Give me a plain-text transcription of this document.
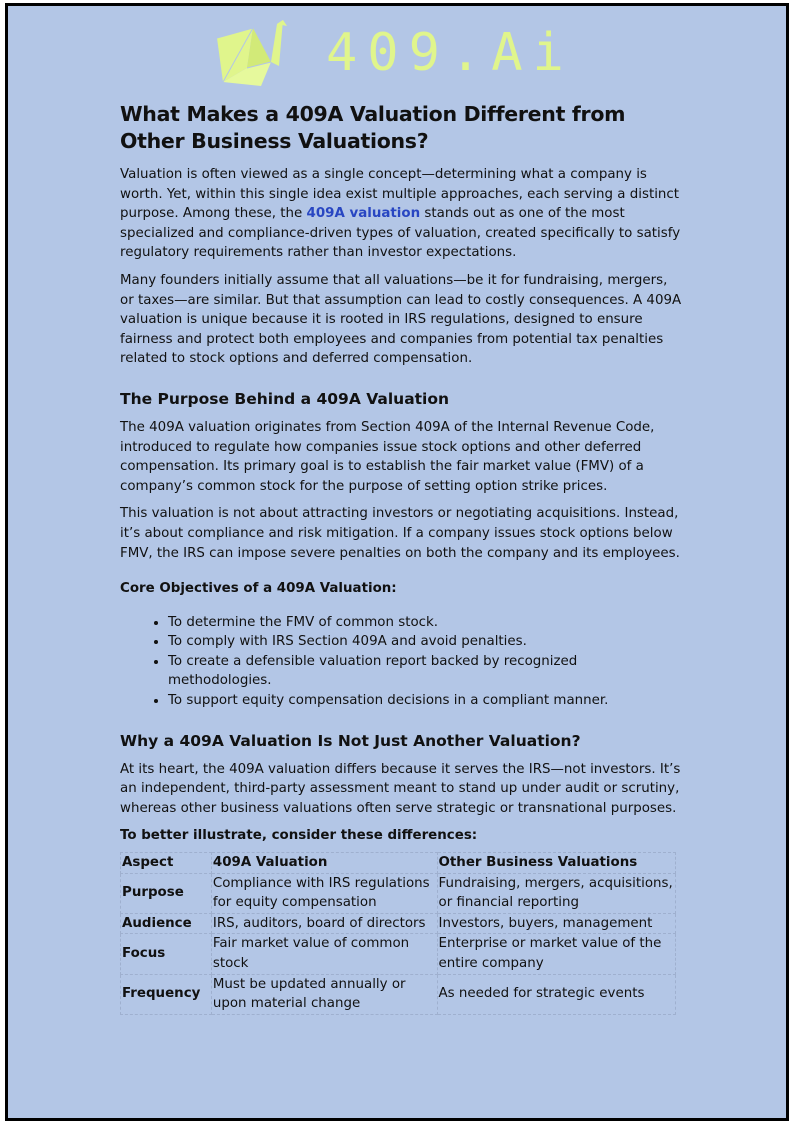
409.Ai
What Makes a 409A Valuation Different from Other Business Valuations?

Valuation is often viewed as a single concept—determining what a company is worth. Yet, within this single idea exist multiple approaches, each serving a distinct purpose. Among these, the 409A valuation stands out as one of the most specialized and compliance-driven types of valuation, created specifically to satisfy regulatory requirements rather than investor expectations.

Many founders initially assume that all valuations—be it for fundraising, mergers, or taxes—are similar. But that assumption can lead to costly consequences. A 409A valuation is unique because it is rooted in IRS regulations, designed to ensure fairness and protect both employees and companies from potential tax penalties related to stock options and deferred compensation.

The Purpose Behind a 409A Valuation

The 409A valuation originates from Section 409A of the Internal Revenue Code, introduced to regulate how companies issue stock options and other deferred compensation. Its primary goal is to establish the fair market value (FMV) of a company’s common stock for the purpose of setting option strike prices.

This valuation is not about attracting investors or negotiating acquisitions. Instead, it’s about compliance and risk mitigation. If a company issues stock options below FMV, the IRS can impose severe penalties on both the company and its employees.

Core Objectives of a 409A Valuation:

• To determine the FMV of common stock.
• To comply with IRS Section 409A and avoid penalties.
• To create a defensible valuation report backed by recognized methodologies.
• To support equity compensation decisions in a compliant manner.
Why a 409A Valuation Is Not Just Another Valuation?

At its heart, the 409A valuation differs because it serves the IRS—not investors. It’s an independent, third-party assessment meant to stand up under audit or scrutiny, whereas other business valuations often serve strategic or transnational purposes.

To better illustrate, consider these differences:

Aspect	409A Valuation	Other Business Valuations
Purpose	Compliance with IRS regulations for equity compensation	Fundraising, mergers, acquisitions, or financial reporting
Audience	IRS, auditors, board of directors	Investors, buyers, management
Focus	Fair market value of common stock	Enterprise or market value of the entire company
Frequency	Must be updated annually or upon material change	As needed for strategic events
